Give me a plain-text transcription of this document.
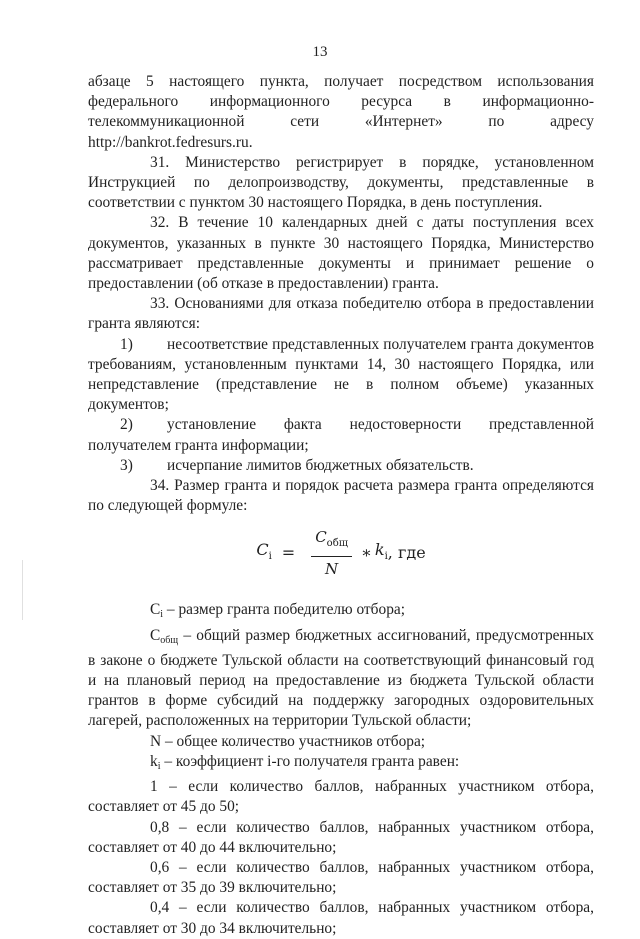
13

абзаце 5 настоящего пункта, получает посредством использования федерального информационного ресурса в информационно-телекоммуникационной сети «Интернет» по адресу http://bankrot.fedresurs.ru.

31. Министерство регистрирует в порядке, установленном Инструкцией по делопроизводству, документы, представленные в соответствии с пунктом 30 настоящего Порядка, в день поступления.

32. В течение 10 календарных дней с даты поступления всех документов, указанных в пункте 30 настоящего Порядка, Министерство рассматривает представленные документы и принимает решение о предоставлении (об отказе в предоставлении) гранта.

33. Основаниями для отказа победителю отбора в предоставлении гранта являются:

1) несоответствие представленных получателем гранта документов требованиям, установленным пунктами 14, 30 настоящего Порядка, или непредставление (представление не в полном объеме) указанных документов;

2) установление факта недостоверности представленной получателем гранта информации;

3) исчерпание лимитов бюджетных обязательств.

34. Размер гранта и порядок расчета размера гранта определяются по следующей формуле:

$C_i = \frac{C_{общ}}{N}$ ∗ $k_i$ , где

Ci – размер гранта победителю отбора;

Cобщ – общий размер бюджетных ассигнований, предусмотренных в законе о бюджете Тульской области на соответствующий финансовый год и на плановый период на предоставление из бюджета Тульской области грантов в форме субсидий на поддержку загородных оздоровительных лагерей, расположенных на территории Тульской области;

N – общее количество участников отбора;

ki – коэффициент i-го получателя гранта равен:

1 – если количество баллов, набранных участником отбора, составляет от 45 до 50;

0,8 – если количество баллов, набранных участником отбора, составляет от 40 до 44 включительно;

0,6 – если количество баллов, набранных участником отбора, составляет от 35 до 39 включительно;

0,4 – если количество баллов, набранных участником отбора, составляет от 30 до 34 включительно;
